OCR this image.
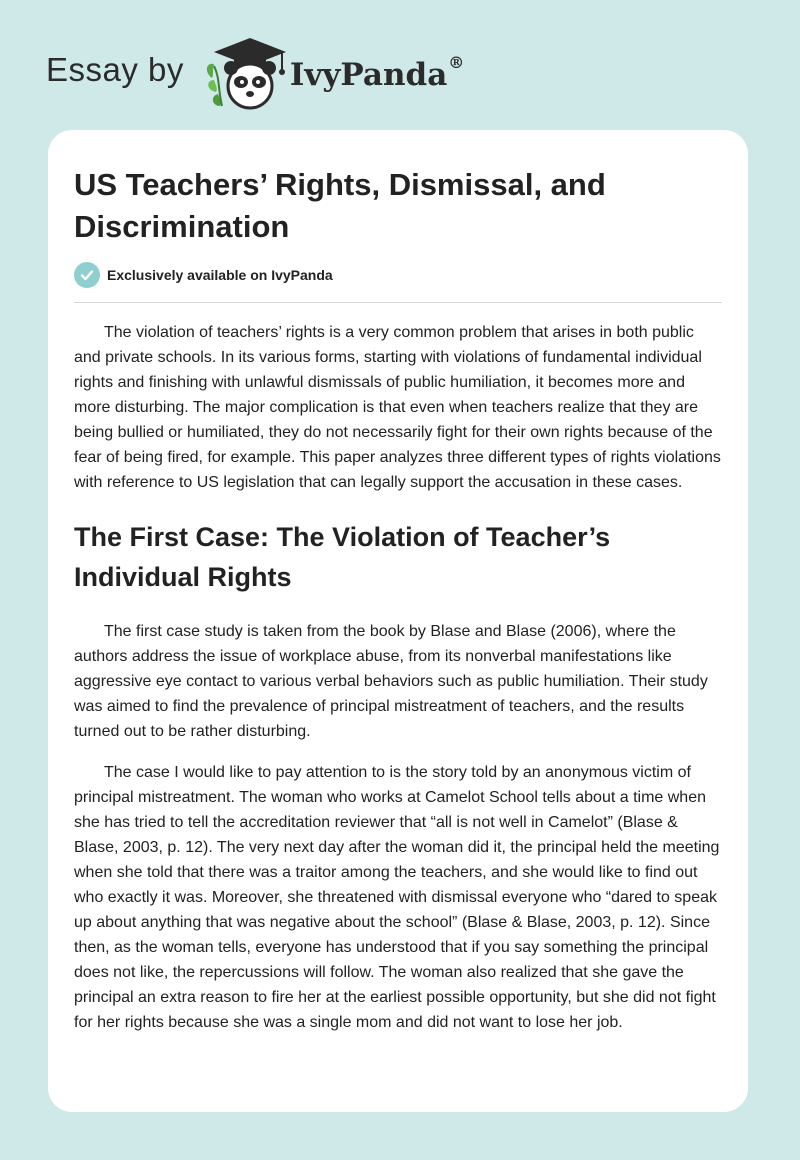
Essay by	IvyPanda®
US Teachers’ Rights, Dismissal, and Discrimination
Exclusively available on IvyPanda

The violation of teachers’ rights is a very common problem that arises in both public and private schools. In its various forms, starting with violations of fundamental individual rights and finishing with unlawful dismissals of public humiliation, it becomes more and more disturbing. The major complication is that even when teachers realize that they are being bullied or humiliated, they do not necessarily fight for their own rights because of the fear of being fired, for example. This paper analyzes three different types of rights violations with reference to US legislation that can legally support the accusation in these cases.

The First Case: The Violation of Teacher’s Individual Rights

The first case study is taken from the book by Blase and Blase (2006), where the authors address the issue of workplace abuse, from its nonverbal manifestations like aggressive eye contact to various verbal behaviors such as public humiliation. Their study was aimed to find the prevalence of principal mistreatment of teachers, and the results turned out to be rather disturbing.

The case I would like to pay attention to is the story told by an anonymous victim of principal mistreatment. The woman who works at Camelot School tells about a time when she has tried to tell the accreditation reviewer that “all is not well in Camelot” (Blase & Blase, 2003, p. 12). The very next day after the woman did it, the principal held the meeting when she told that there was a traitor among the teachers, and she would like to find out who exactly it was. Moreover, she threatened with dismissal everyone who “dared to speak up about anything that was negative about the school” (Blase & Blase, 2003, p. 12). Since then, as the woman tells, everyone has understood that if you say something the principal does not like, the repercussions will follow. The woman also realized that she gave the principal an extra reason to fire her at the earliest possible opportunity, but she did not fight for her rights because she was a single mom and did not want to lose her job.
